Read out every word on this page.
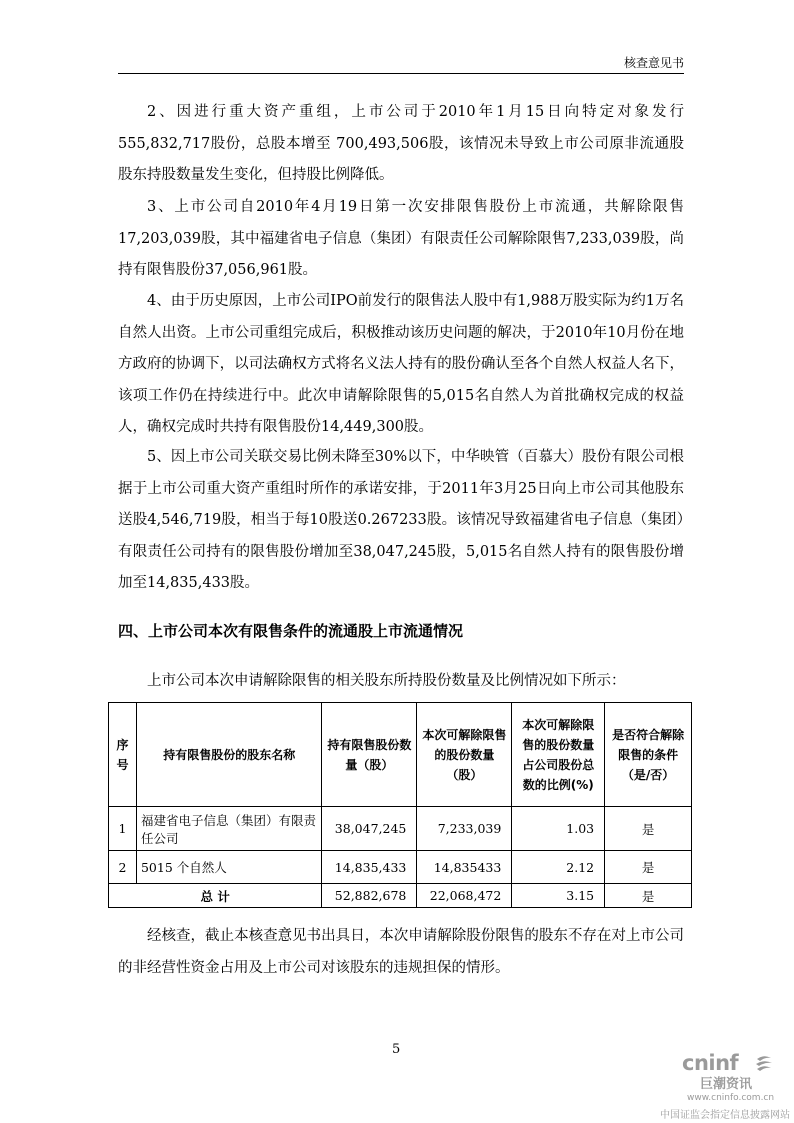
核查意见书

2、因进行重大资产重组，上市公司于2010年1月15日向特定对象发行555,832,717股份，总股本增至 700,493,506股，该情况未导致上市公司原非流通股股东持股数量发生变化，但持股比例降低。

3、上市公司自2010年4月19日第一次安排限售股份上市流通，共解除限售17,203,039股，其中福建省电子信息（集团）有限责任公司解除限售7,233,039股，尚持有限售股份37,056,961股。

4、由于历史原因，上市公司IPO前发行的限售法人股中有1,988万股实际为约1万名自然人出资。上市公司重组完成后，积极推动该历史问题的解决，于2010年10月份在地方政府的协调下，以司法确权方式将名义法人持有的股份确认至各个自然人权益人名下，该项工作仍在持续进行中。此次申请解除限售的5,015名自然人为首批确权完成的权益人，确权完成时共持有限售股份14,449,300股。

5、因上市公司关联交易比例未降至30%以下，中华映管（百慕大）股份有限公司根据于上市公司重大资产重组时所作的承诺安排，于2011年3月25日向上市公司其他股东送股4,546,719股，相当于每10股送0.267233股。该情况导致福建省电子信息（集团）有限责任公司持有的限售股份增加至38,047,245股，5,015名自然人持有的限售股份增加至14,835,433股。

四、上市公司本次有限售条件的流通股上市流通情况

上市公司本次申请解除限售的相关股东所持股份数量及比例情况如下所示：

序号	持有限售股份的股东名称	持有限售股份数量（股）	本次可解除限售的股份数量（股）	本次可解除限售的股份数量占公司股份总数的比例(%)	是否符合解除限售的条件（是/否）
1	福建省电子信息（集团）有限责任公司	38,047,245	7,233,039	1.03	是
2	5015 个自然人	14,835,433	14,835433	2.12	是
总 计		52,882,678	22,068,472	3.15	是

经核查，截止本核查意见书出具日，本次申请解除股份限售的股东不存在对上市公司的非经营性资金占用及上市公司对该股东的违规担保的情形。

5
cninf
巨潮资讯
www.cninfo.com.cn
中国证监会指定信息披露网站
